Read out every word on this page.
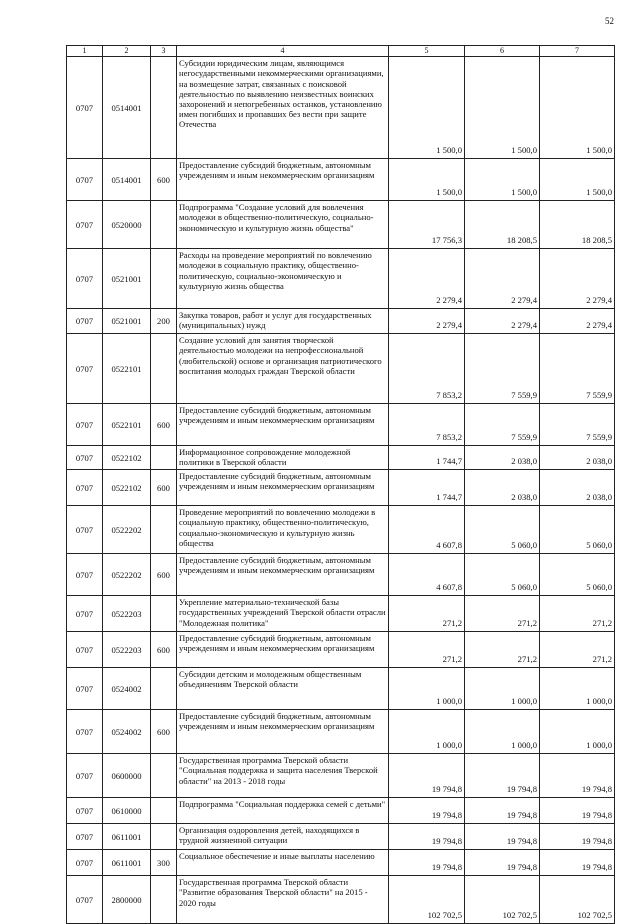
52
1	2	3	4	5	6	7
0707	0514001		Субсидии юридическим лицам, являющимся негосударственными некоммерческими организациями, на возмещение затрат, связанных с поисковой деятельностью по выявлению неизвестных воинских захоронений и непогребенных останков, установлению имен погибших и пропавших без вести при защите Отечества	1 500,0	1 500,0	1 500,0
0707	0514001	600	Предоставление субсидий бюджетным, автономным учреждениям и иным некоммерческим организациям	1 500,0	1 500,0	1 500,0
0707	0520000		Подпрограмма "Создание условий для вовлечения молодежи в общественно-политическую, социально-экономическую и культурную жизнь общества"	17 756,3	18 208,5	18 208,5
0707	0521001		Расходы на проведение мероприятий по вовлечению молодежи в социальную практику, общественно-политическую, социально-экономическую и культурную жизнь общества	2 279,4	2 279,4	2 279,4
0707	0521001	200	Закупка товаров, работ и услуг для государственных (муниципальных) нужд	2 279,4	2 279,4	2 279,4
0707	0522101		Создание условий для занятия творческой деятельностью молодежи на непрофессиональной (любительской) основе и организация патриотического воспитания молодых граждан Тверской области	7 853,2	7 559,9	7 559,9
0707	0522101	600	Предоставление субсидий бюджетным, автономным учреждениям и иным некоммерческим организациям	7 853,2	7 559,9	7 559,9
0707	0522102		Информационное сопровождение молодежной политики в Тверской области	1 744,7	2 038,0	2 038,0
0707	0522102	600	Предоставление субсидий бюджетным, автономным учреждениям и иным некоммерческим организациям	1 744,7	2 038,0	2 038,0
0707	0522202		Проведение мероприятий по вовлечению молодежи в социальную практику, общественно-политическую, социально-экономическую и культурную жизнь общества	4 607,8	5 060,0	5 060,0
0707	0522202	600	Предоставление субсидий бюджетным, автономным учреждениям и иным некоммерческим организациям	4 607,8	5 060,0	5 060,0
0707	0522203		Укрепление материально-технической базы государственных учреждений Тверской области отрасли "Молодежная политика"	271,2	271,2	271,2
0707	0522203	600	Предоставление субсидий бюджетным, автономным учреждениям и иным некоммерческим организациям	271,2	271,2	271,2
0707	0524002		Субсидии детским и молодежным общественным объединениям Тверской области	1 000,0	1 000,0	1 000,0
0707	0524002	600	Предоставление субсидий бюджетным, автономным учреждениям и иным некоммерческим организациям	1 000,0	1 000,0	1 000,0
0707	0600000		Государственная программа Тверской области "Социальная поддержка и защита населения Тверской области" на 2013 - 2018 годы	19 794,8	19 794,8	19 794,8
0707	0610000		Подпрограмма "Социальная поддержка семей с детьми"	19 794,8	19 794,8	19 794,8
0707	0611001		Организация оздоровления детей, находящихся в трудной жизненной ситуации	19 794,8	19 794,8	19 794,8
0707	0611001	300	Социальное обеспечение и иные выплаты населению	19 794,8	19 794,8	19 794,8
0707	2800000		Государственная программа Тверской области "Развитие образования Тверской области" на 2015 - 2020 годы	102 702,5	102 702,5	102 702,5
